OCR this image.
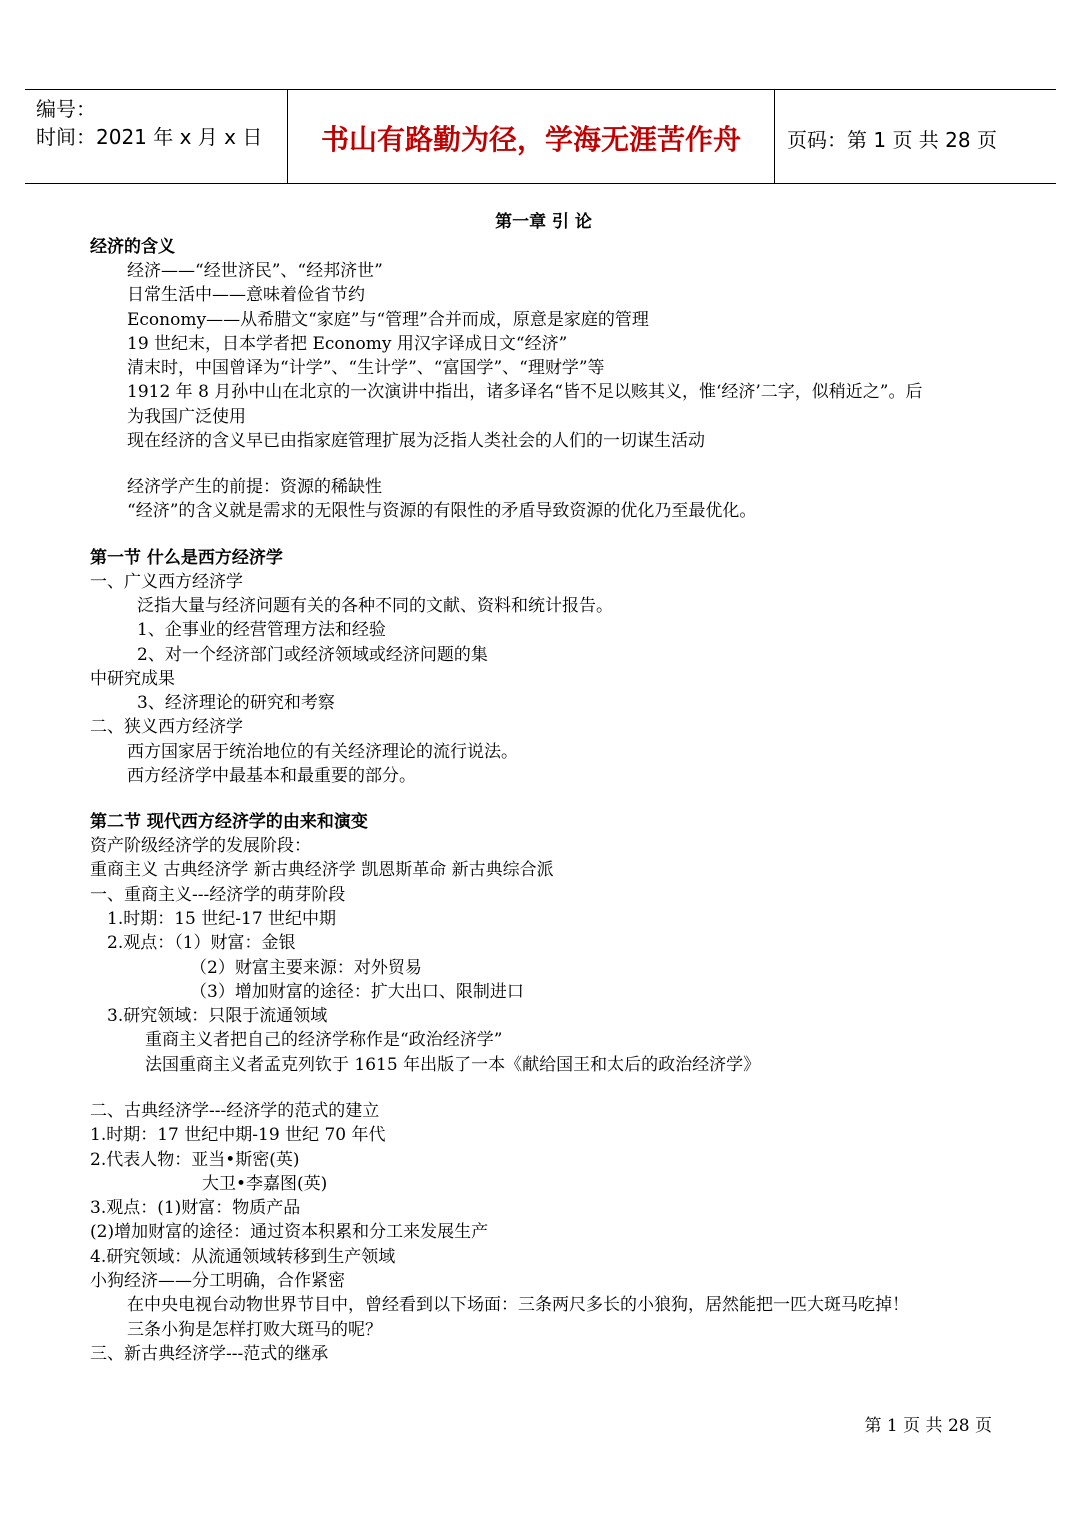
编号：
时间：2021 年 x 月 x 日	书山有路勤为径，学海无涯苦作舟	页码：第 1 页 共 28 页
第一章 引 论
经济的含义
经济——“经世济民”、“经邦济世”
日常生活中——意味着俭省节约
Economy——从希腊文“家庭”与“管理”合并而成，原意是家庭的管理
19 世纪末，日本学者把 Economy 用汉字译成日文“经济”
清末时，中国曾译为“计学”、“生计学”、“富国学”、“理财学”等
1912 年 8 月孙中山在北京的一次演讲中指出，诸多译名“皆不足以赅其义，惟‘经济’二字，似稍近之”。后
为我国广泛使用
现在经济的含义早已由指家庭管理扩展为泛指人类社会的人们的一切谋生活动
经济学产生的前提：资源的稀缺性
“经济”的含义就是需求的无限性与资源的有限性的矛盾导致资源的优化乃至最优化。
第一节 什么是西方经济学
一、广义西方经济学
泛指大量与经济问题有关的各种不同的文献、资料和统计报告。
1、企事业的经营管理方法和经验
2、对一个经济部门或经济领域或经济问题的集
中研究成果
3、经济理论的研究和考察
二、狭义西方经济学
西方国家居于统治地位的有关经济理论的流行说法。
西方经济学中最基本和最重要的部分。
第二节 现代西方经济学的由来和演变
资产阶级经济学的发展阶段：
重商主义 古典经济学 新古典经济学 凯恩斯革命 新古典综合派
一、重商主义---经济学的萌芽阶段
1.时期：15 世纪-17 世纪中期
2.观点：（1）财富：金银
（2）财富主要来源：对外贸易
（3）增加财富的途径：扩大出口、限制进口
3.研究领域：只限于流通领域
重商主义者把自己的经济学称作是“政治经济学”
法国重商主义者孟克列钦于 1615 年出版了一本《献给国王和太后的政治经济学》
二、古典经济学---经济学的范式的建立
1.时期：17 世纪中期-19 世纪 70 年代
2.代表人物：亚当•斯密(英)
大卫•李嘉图(英)
3.观点：(1)财富：物质产品
(2)增加财富的途径：通过资本积累和分工来发展生产
4.研究领域：从流通领域转移到生产领域
小狗经济——分工明确，合作紧密
在中央电视台动物世界节目中，曾经看到以下场面：三条两尺多长的小狼狗，居然能把一匹大斑马吃掉！
三条小狗是怎样打败大斑马的呢？
三、新古典经济学---范式的继承
第 1 页 共 28 页
